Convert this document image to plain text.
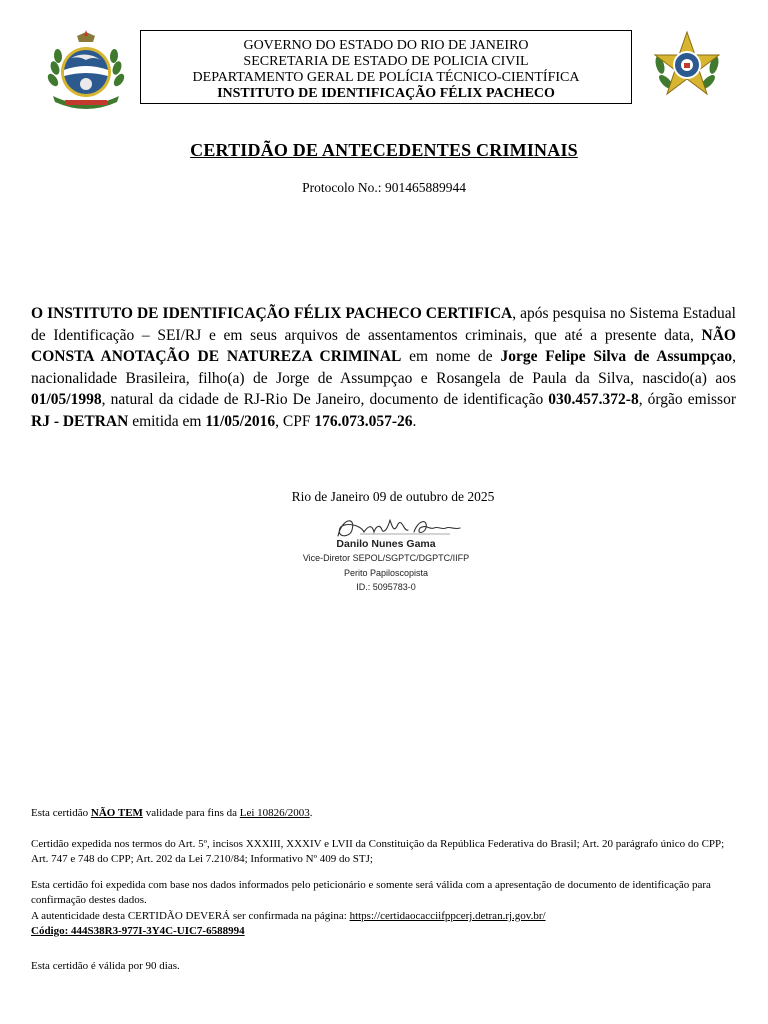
GOVERNO DO ESTADO DO RIO DE JANEIRO
SECRETARIA DE ESTADO DE POLICIA CIVIL
DEPARTAMENTO GERAL DE POLÍCIA TÉCNICO-CIENTÍFICA
INSTITUTO DE IDENTIFICAÇÃO FÉLIX PACHECO
CERTIDÃO DE ANTECEDENTES CRIMINAIS
Protocolo No.: 901465889944
O INSTITUTO DE IDENTIFICAÇÃO FÉLIX PACHECO CERTIFICA, após pesquisa no Sistema Estadual de Identificação – SEI/RJ e em seus arquivos de assentamentos criminais, que até a presente data, NÃO CONSTA ANOTAÇÃO DE NATUREZA CRIMINAL em nome de Jorge Felipe Silva de Assumpçao, nacionalidade Brasileira, filho(a) de Jorge de Assumpçao e Rosangela de Paula da Silva, nascido(a) aos 01/05/1998, natural da cidade de RJ-Rio De Janeiro, documento de identificação 030.457.372-8, órgão emissor RJ - DETRAN emitida em 11/05/2016, CPF 176.073.057-26.
Rio de Janeiro 09 de outubro de 2025
Danilo Nunes Gama
Vice-Diretor SEPOL/SGPTC/DGPTC/IIFP
Perito Papiloscopista
ID.: 5095783-0
Esta certidão NÃO TEM validade para fins da Lei 10826/2003.
Certidão expedida nos termos do Art. 5º, incisos XXXIII, XXXIV e LVII da Constituição da República Federativa do Brasil; Art. 20 parágrafo único do CPP; Art. 747 e 748 do CPP; Art. 202 da Lei 7.210/84; Informativo Nº 409 do STJ;
Esta certidão foi expedida com base nos dados informados pelo peticionário e somente será válida com a apresentação de documento de identificação para confirmação destes dados.
A autenticidade desta CERTIDÃO DEVERÁ ser confirmada na página: https://certidaocacciifppcerj.detran.rj.gov.br/
Código: 444S38R3-977I-3Y4C-UIC7-6588994
Esta certidão é válida por 90 dias.
